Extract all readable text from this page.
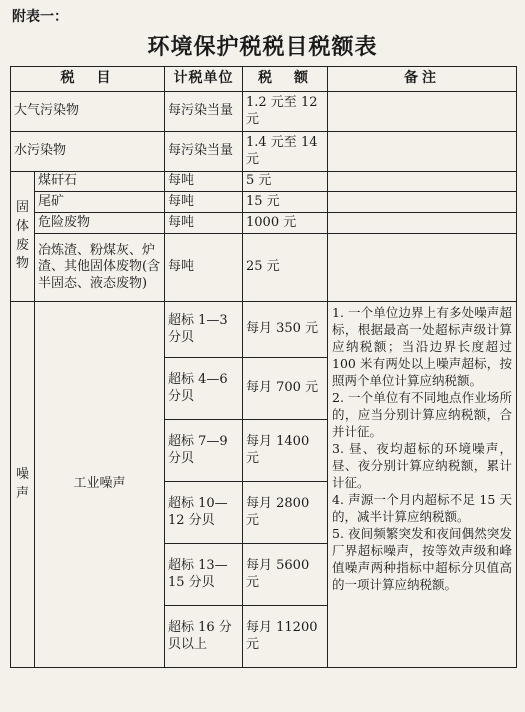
附表一：
环境保护税税目税额表
税　目		计税单位	税　额	备注
大气污染物		每污染当量	1.2 元至 12 元	
水污染物		每污染当量	1.4 元至 14 元	
固体废物	煤矸石	每吨	5 元	
	尾矿	每吨	15 元	
	危险废物	每吨	1000 元	
	冶炼渣、粉煤灰、炉渣、其他固体废物(含半固态、液态废物)	每吨	25 元	
噪声	工业噪声	超标 1—3 分贝	每月 350 元	1. 一个单位边界上有多处噪声超标，根据最高一处超标声级计算应纳税额；当沿边界长度超过 100 米有两处以上噪声超标，按照两个单位计算应纳税额。

2. 一个单位有不同地点作业场所的，应当分别计算应纳税额，合并计征。

3. 昼、夜均超标的环境噪声，昼、夜分别计算应纳税额，累计计征。

4. 声源一个月内超标不足 15 天的，减半计算应纳税额。

5. 夜间频繁突发和夜间偶然突发厂界超标噪声，按等效声级和峰值噪声两种指标中超标分贝值高的一项计算应纳税额。

		超标 4—6 分贝	每月 700 元	
		超标 7—9 分贝	每月 1400 元	
		超标 10—12 分贝	每月 2800 元	
		超标 13—15 分贝	每月 5600 元	
		超标 16 分贝以上	每月 11200 元	
